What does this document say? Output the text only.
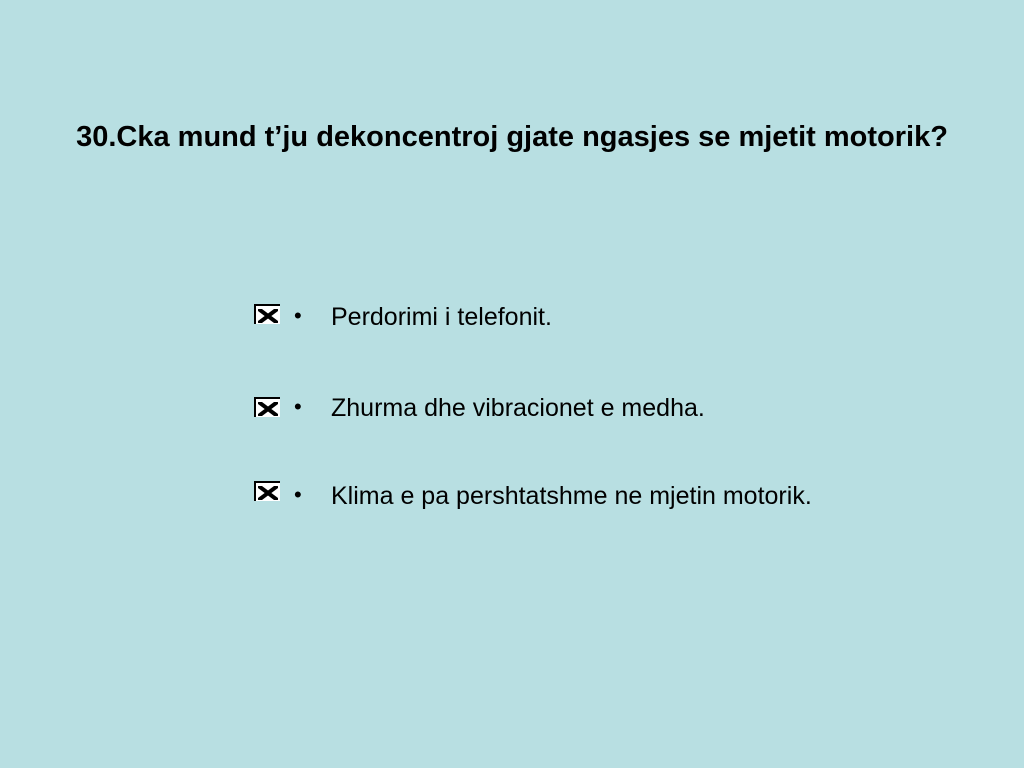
30.Cka mund t’ju dekoncentroj gjate ngasjes se mjetit motorik?
• Perdorimi i telefonit.
• Zhurma dhe vibracionet e medha.
• Klima e pa pershtatshme ne mjetin motorik.
